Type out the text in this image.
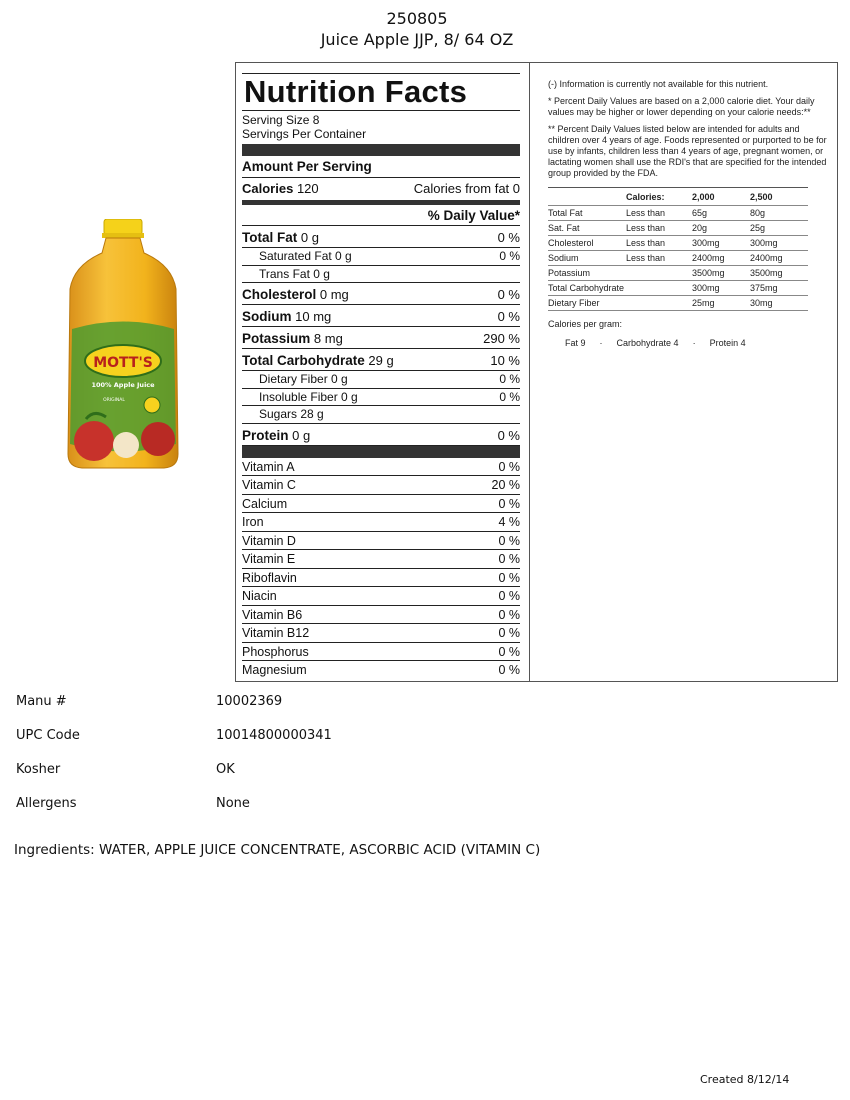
250805
Juice Apple JJP, 8/ 64 OZ
MOTT'S
100% Apple Juice
ORIGINAL
Nutrition Facts
Serving Size 8
Servings Per Container
Amount Per Serving
Calories 120	Calories from fat 0
% Daily Value*
Total Fat 0 g	0 %
Saturated Fat 0 g	0 %
Trans Fat 0 g
Cholesterol 0 mg	0 %
Sodium 10 mg	0 %
Potassium 8 mg	290 %
Total Carbohydrate 29 g	10 %
Dietary Fiber 0 g	0 %
Insoluble Fiber 0 g	0 %
Sugars 28 g
Protein 0 g	0 %
Vitamin A	0 %
Vitamin C	20 %
Calcium	0 %
Iron	4 %
Vitamin D	0 %
Vitamin E	0 %
Riboflavin	0 %
Niacin	0 %
Vitamin B6	0 %
Vitamin B12	0 %
Phosphorus	0 %
Magnesium	0 %

(-) Information is currently not available for this nutrient.

* Percent Daily Values are based on a 2,000 calorie diet. Your daily values may be higher or lower depending on your calorie needs:**

** Percent Daily Values listed below are intended for adults and children over 4 years of age. Foods represented or purported to be for use by infants, children less than 4 years of age, pregnant women, or lactating women shall use the RDI's that are specified for the intended group provided by the FDA.

	Calories:	2,000	2,500
Total Fat	Less than	65g	80g
Sat. Fat	Less than	20g	25g
Cholesterol	Less than	300mg	300mg
Sodium	Less than	2400mg	2400mg
Potassium		3500mg	3500mg
Total Carbohydrate		300mg	375mg
Dietary Fiber		25mg	30mg
Calories per gram:
Fat 9 · Carbohydrate 4 · Protein 4
Manu #	10002369
UPC Code	10014800000341
Kosher	OK
Allergens	None
Ingredients: WATER, APPLE JUICE CONCENTRATE, ASCORBIC ACID (VITAMIN C)
Created 8/12/14
